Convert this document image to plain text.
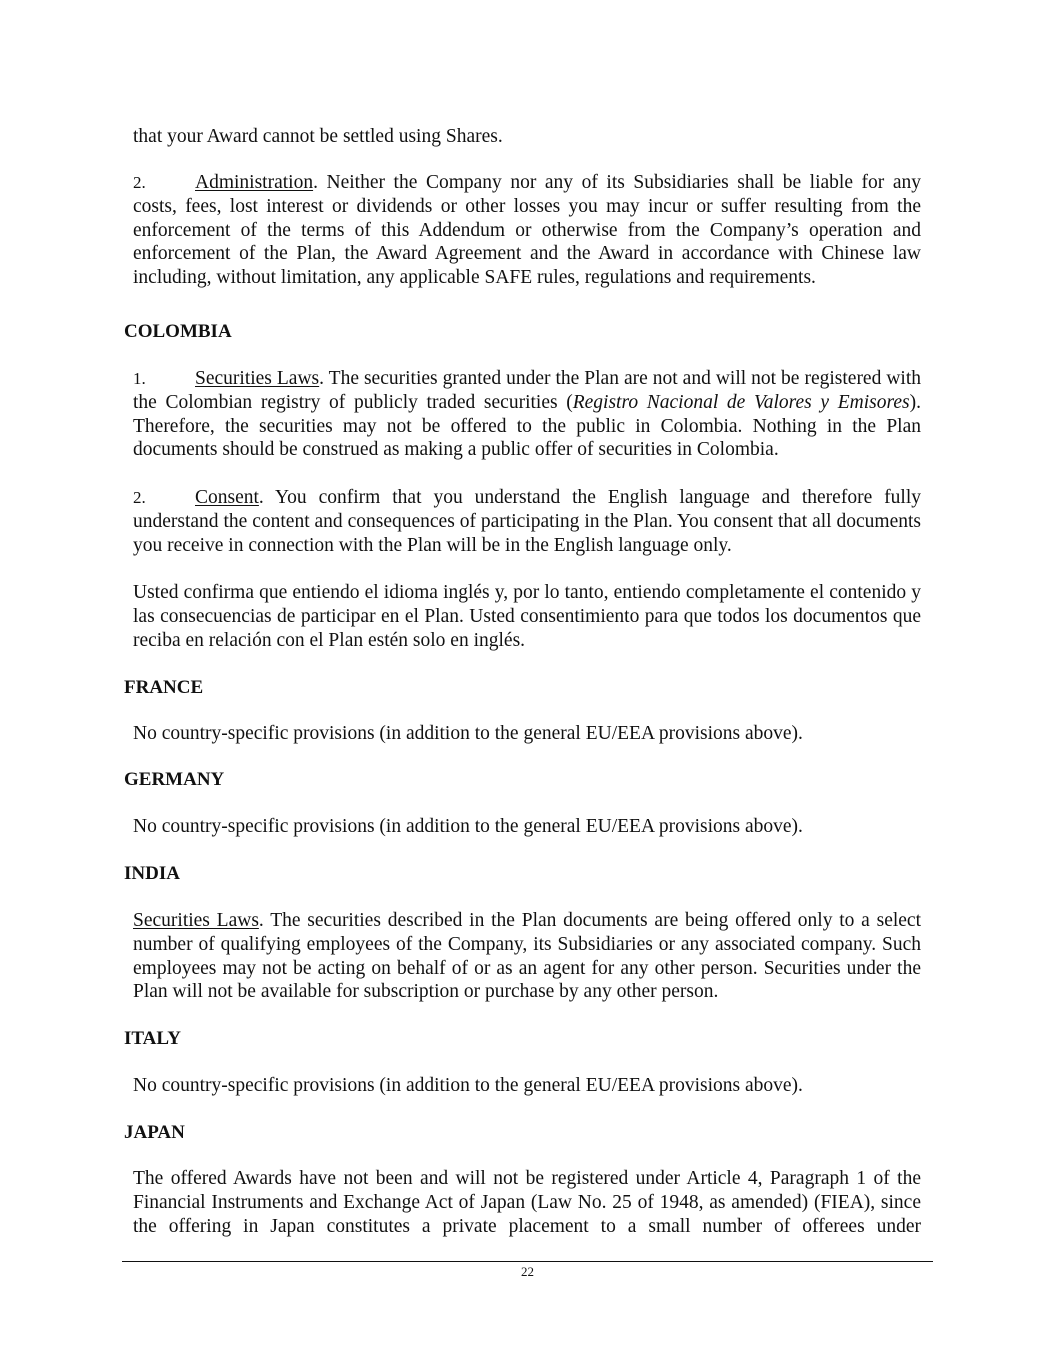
that your Award cannot be settled using Shares.

2.	Administration. Neither the Company nor any of its Subsidiaries shall be liable for any costs, fees, lost interest or dividends or other losses you may incur or suffer resulting from the enforcement of the terms of this Addendum or otherwise from the Company’s operation and enforcement of the Plan, the Award Agreement and the Award in accordance with Chinese law including, without limitation, any applicable SAFE rules, regulations and requirements.

COLOMBIA

1.	Securities Laws. The securities granted under the Plan are not and will not be registered with the Colombian registry of publicly traded securities (Registro Nacional de Valores y Emisores). Therefore, the securities may not be offered to the public in Colombia. Nothing in the Plan documents should be construed as making a public offer of securities in Colombia.

2.	Consent. You confirm that you understand the English language and therefore fully understand the content and consequences of participating in the Plan. You consent that all documents you receive in connection with the Plan will be in the English language only.

Usted confirma que entiendo el idioma inglés y, por lo tanto, entiendo completamente el contenido y las consecuencias de participar en el Plan. Usted consentimiento para que todos los documentos que reciba en relación con el Plan estén solo en inglés.

FRANCE

No country-specific provisions (in addition to the general EU/EEA provisions above).

GERMANY

No country-specific provisions (in addition to the general EU/EEA provisions above).

INDIA

Securities Laws. The securities described in the Plan documents are being offered only to a select number of qualifying employees of the Company, its Subsidiaries or any associated company. Such employees may not be acting on behalf of or as an agent for any other person. Securities under the Plan will not be available for subscription or purchase by any other person.

ITALY

No country-specific provisions (in addition to the general EU/EEA provisions above).

JAPAN

The offered Awards have not been and will not be registered under Article 4, Paragraph 1 of the Financial Instruments and Exchange Act of Japan (Law No. 25 of 1948, as amended) (FIEA), since the offering in Japan constitutes a private placement to a small number of offerees under

22
